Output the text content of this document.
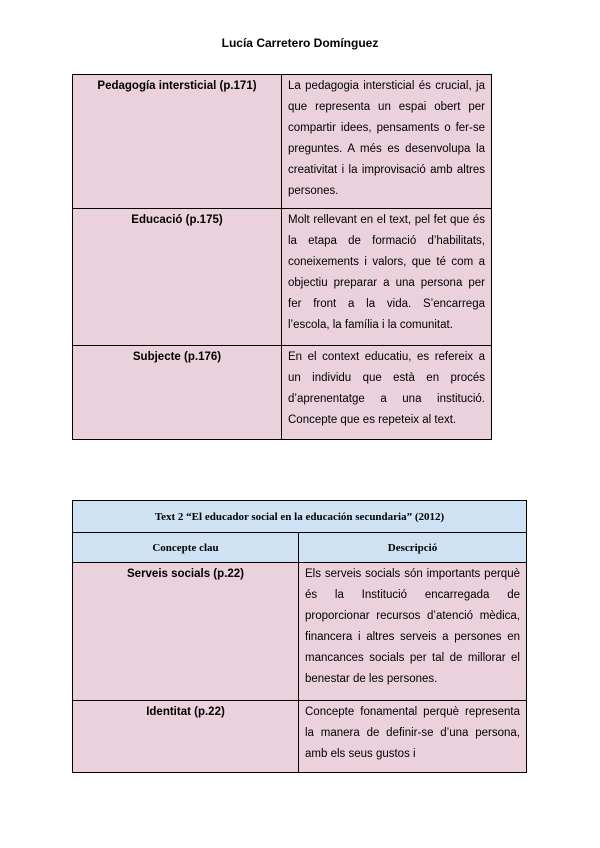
Lucía Carretero Domínguez
Pedagogía intersticial (p.171)	La pedagogia intersticial és crucial, ja que representa un espai obert per compartir idees, pensaments o fer-se preguntes. A més es desenvolupa la creativitat i la improvisació amb altres persones.
Educació (p.175)	Molt rellevant en el text, pel fet que és la etapa de formació d’habilitats, coneixements i valors, que té com a objectiu preparar a una persona per fer front a la vida. S’encarrega l’escola, la família i la comunitat.
Subjecte (p.176)	En el context educatiu, es refereix a un individu que està en procés d’aprenentatge a una institució. Concepte que es repeteix al text.
Text 2 “El educador social en la educación secundaria” (2012)	
Concepte clau	Descripció
Serveis socials (p.22)	Els serveis socials són importants perquè és la Institució encarregada de proporcionar recursos d’atenció mèdica, financera i altres serveis a persones en mancances socials per tal de millorar el benestar de les persones.
Identitat (p.22)	Concepte fonamental perquè representa la manera de definir-se d’una persona, amb els seus gustos i
